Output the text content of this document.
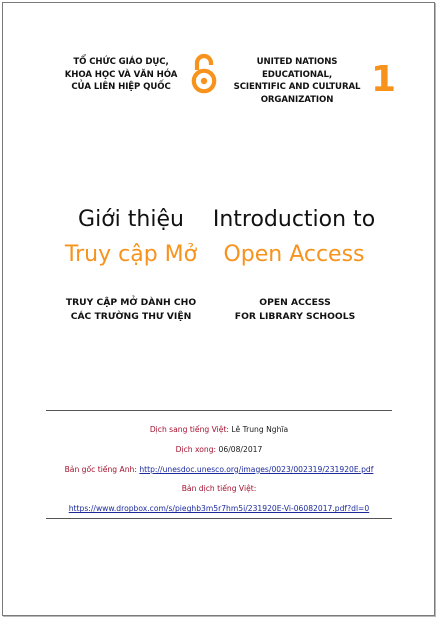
TỔ CHỨC GIÁO DỤC,
KHOA HỌC VÀ VĂN HÓA
CỦA LIÊN HIỆP QUỐC
UNITED NATIONS EDUCATIONAL,
SCIENTIFIC AND CULTURAL
ORGANIZATION	1
Giới thiệu
Truy cập Mở
Introduction to
Open Access
TRUY CẬP MỞ DÀNH CHO
CÁC TRƯỜNG THƯ VIỆN
OPEN ACCESS
FOR LIBRARY SCHOOLS
Dịch sang tiếng Việt: Lê Trung Nghĩa
Dịch xong: 06/08/2017
Bản gốc tiếng Anh: http://unesdoc.unesco.org/images/0023/002319/231920E.pdf
Bản dịch tiếng Việt:
https://www.dropbox.com/s/pieghb3m5r7hm5i/231920E-Vi-06082017.pdf?dl=0
